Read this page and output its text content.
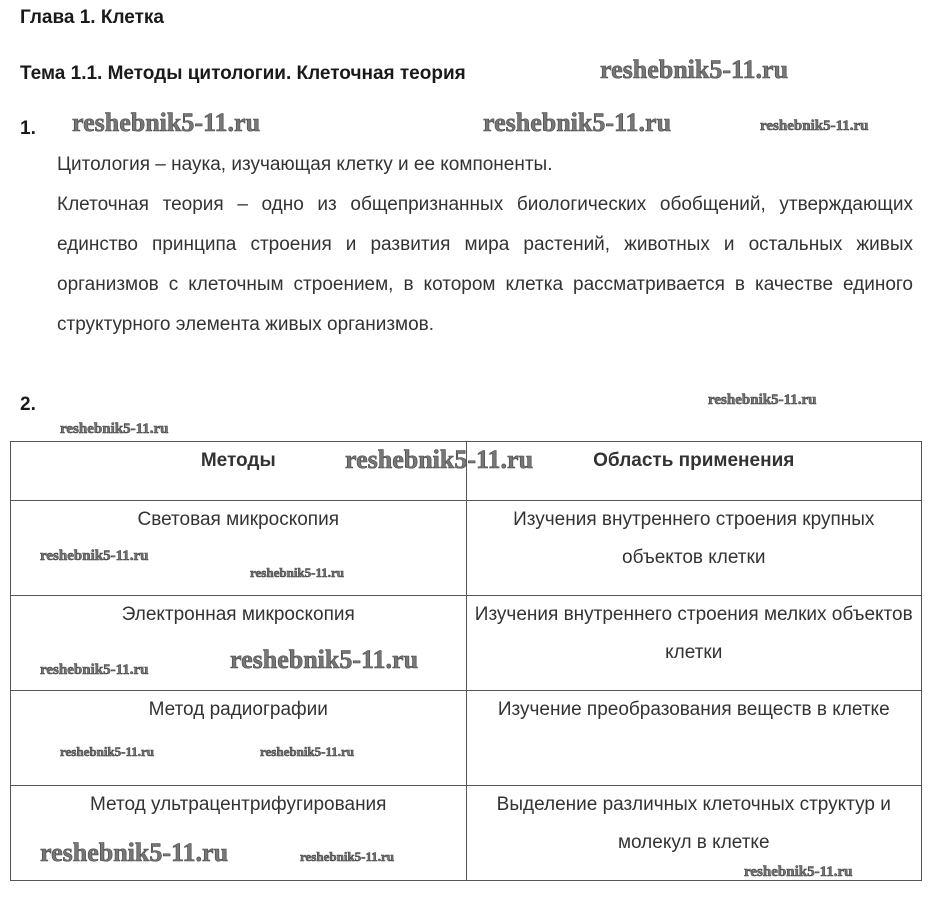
Глава 1. Клетка
Тема 1.1. Методы цитологии. Клеточная теория
1.

Цитология – наука, изучающая клетку и ее компоненты.

Клеточная теория – одно из общепризнанных биологических обобщений, утверждающих единство принципа строения и развития мира растений, животных и остальных живых организмов с клеточным строением, в котором клетка рассматривается в качестве единого структурного элемента живых организмов.

2.
Методы	Область применения
Световая микроскопия	Изучения внутреннего строения крупных объектов клетки
Электронная микроскопия	Изучения внутреннего строения мелких объектов клетки
Метод радиографии	Изучение преобразования веществ в клетке
Метод ультрацентрифугирования	Выделение различных клеточных структур и молекул в клетке
reshebnik5-11.ru
reshebnik5-11.ru	reshebnik5-11.ru	reshebnik5-11.ru
reshebnik5-11.ru
reshebnik5-11.ru
reshebnik5-11.ru
reshebnik5-11.ru
reshebnik5-11.ru
reshebnik5-11.ru
reshebnik5-11.ru
reshebnik5-11.ru	reshebnik5-11.ru
reshebnik5-11.ru	reshebnik5-11.ru
reshebnik5-11.ru
